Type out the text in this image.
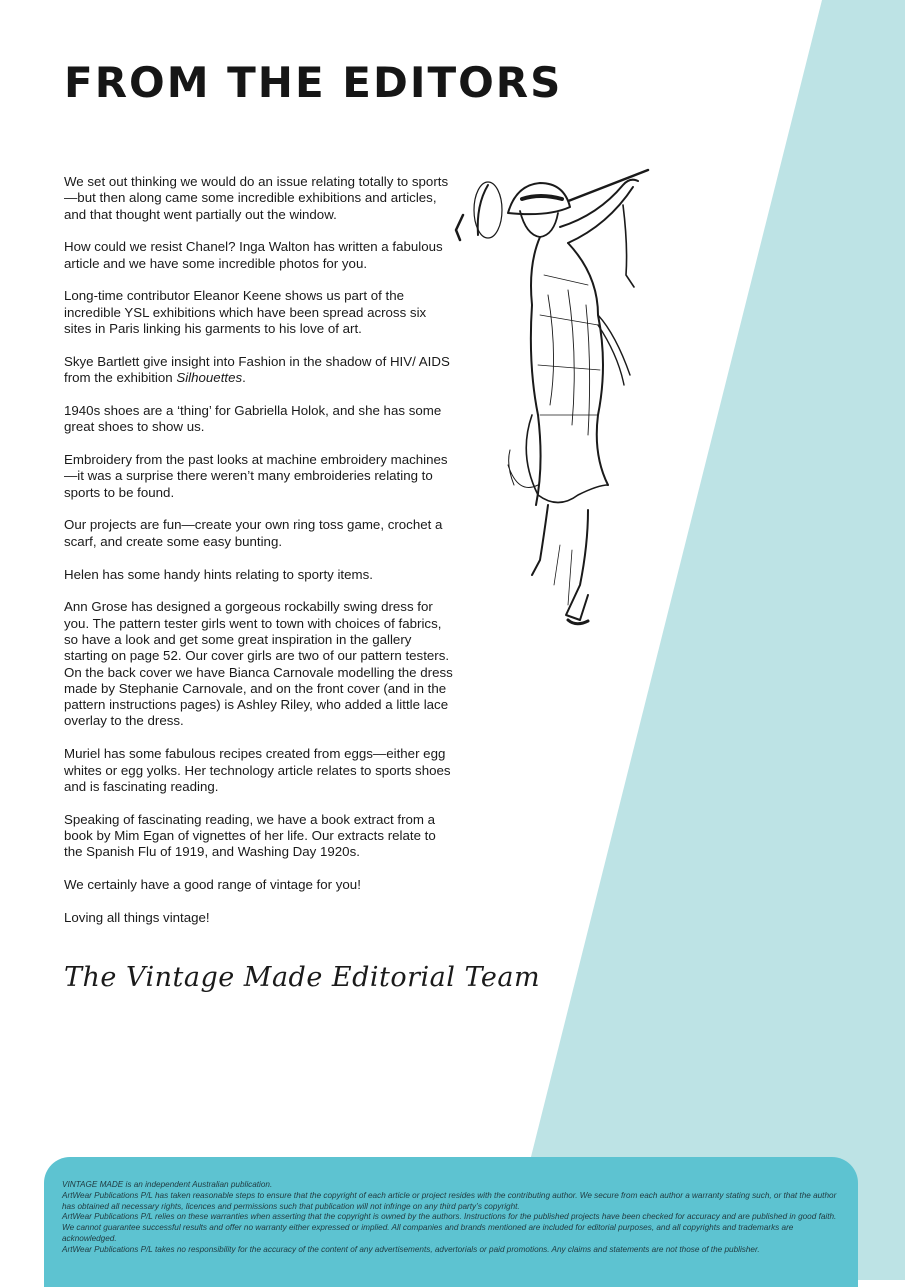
FROM THE EDITORS

We set out thinking we would do an issue relating totally to sports—but then along came some incredible exhibitions and articles, and that thought went partially out the window.

How could we resist Chanel? Inga Walton has written a fabulous article and we have some incredible photos for you.

Long-time contributor Eleanor Keene shows us part of the incredible YSL exhibitions which have been spread across six sites in Paris linking his garments to his love of art.

Skye Bartlett give insight into Fashion in the shadow of HIV/ AIDS from the exhibition Silhouettes.

1940s shoes are a ‘thing’ for Gabriella Holok, and she has some great shoes to show us.

Embroidery from the past looks at machine embroidery machines—it was a surprise there weren’t many embroideries relating to sports to be found.

Our projects are fun—create your own ring toss game, crochet a scarf, and create some easy bunting.

Helen has some handy hints relating to sporty items.

Ann Grose has designed a gorgeous rockabilly swing dress for you. The pattern tester girls went to town with choices of fabrics, so have a look and get some great inspiration in the gallery starting on page 52. Our cover girls are two of our pattern testers. On the back cover we have Bianca Carnovale modelling the dress made by Stephanie Carnovale, and on the front cover (and in the pattern instructions pages) is Ashley Riley, who added a little lace overlay to the dress.

Muriel has some fabulous recipes created from eggs—either egg whites or egg yolks. Her technology article relates to sports shoes and is fascinating reading.

Speaking of fascinating reading, we have a book extract from a book by Mim Egan of vignettes of her life. Our extracts relate to the Spanish Flu of 1919, and Washing Day 1920s.

We certainly have a good range of vintage for you!

Loving all things vintage!

The Vintage Made Editorial Team
VINTAGE MADE is an independent Australian publication.
ArtWear Publications P/L has taken reasonable steps to ensure that the copyright of each article or project resides with the contributing author. We secure from each author a warranty stating such, or that the author has obtained all necessary rights, licences and permissions such that publication will not infringe on any third party’s copyright.
ArtWear Publications P/L relies on these warranties when asserting that the copyright is owned by the authors. Instructions for the published projects have been checked for accuracy and are published in good faith. We cannot guarantee successful results and offer no warranty either expressed or implied. All companies and brands mentioned are included for editorial purposes, and all copyrights and trademarks are acknowledged.
ArtWear Publications P/L takes no responsibility for the accuracy of the content of any advertisements, advertorials or paid promotions. Any claims and statements are not those of the publisher.
